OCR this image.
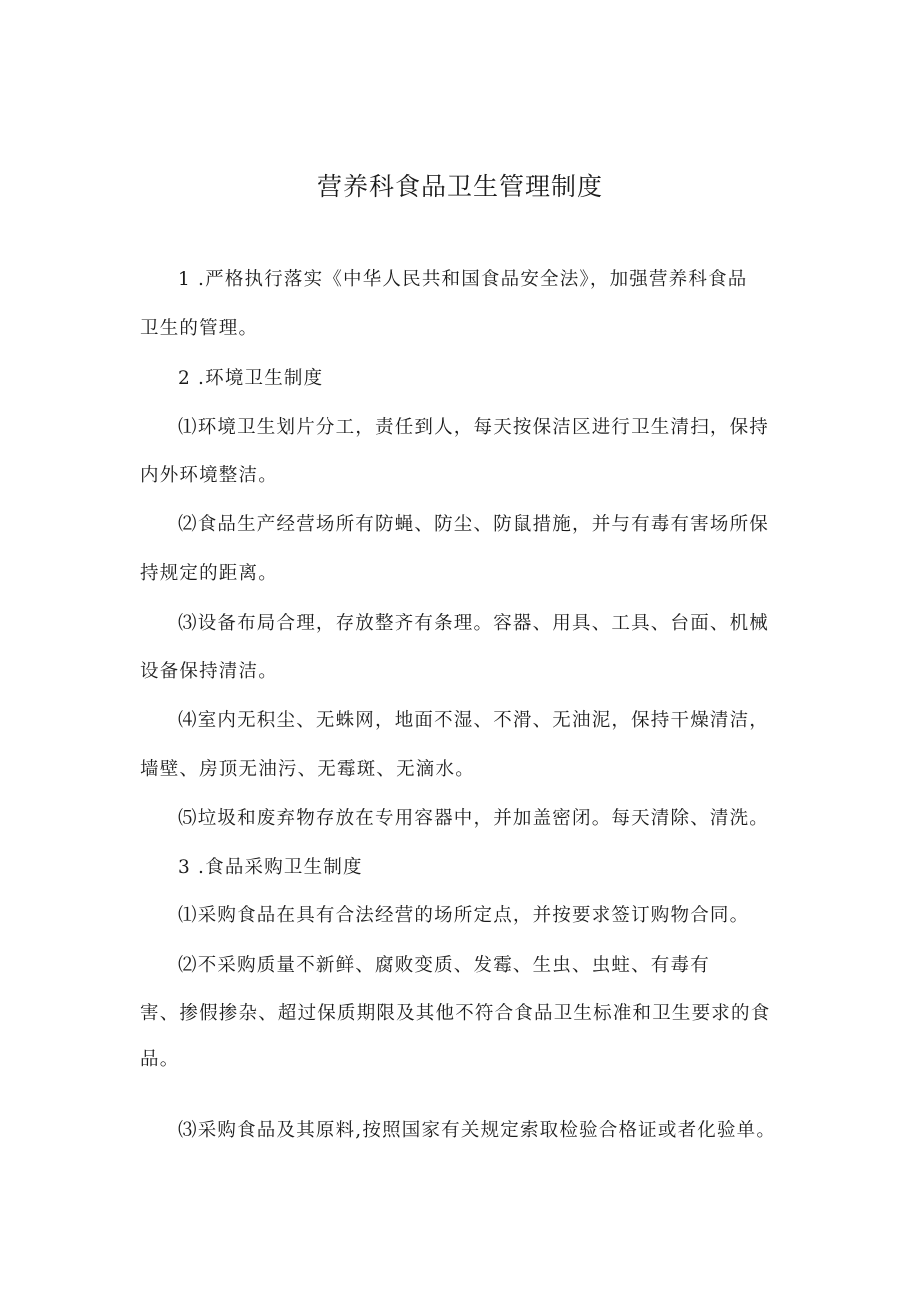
营养科食品卫生管理制度
1 .严格执行落实《中华人民共和国食品安全法》，加强营养科食品
卫生的管理。
2 .环境卫生制度
⑴环境卫生划片分工，责任到人，每天按保洁区进行卫生清扫，保持
内外环境整洁。
⑵食品生产经营场所有防蝇、防尘、防鼠措施，并与有毒有害场所保
持规定的距离。
⑶设备布局合理，存放整齐有条理。容器、用具、工具、台面、机械
设备保持清洁。
⑷室内无积尘、无蛛网，地面不湿、不滑、无油泥，保持干燥清洁，
墙壁、房顶无油污、无霉斑、无滴水。
⑸垃圾和废弃物存放在专用容器中，并加盖密闭。每天清除、清洗。
3 .食品采购卫生制度
⑴采购食品在具有合法经营的场所定点，并按要求签订购物合同。
⑵不采购质量不新鲜、腐败变质、发霉、生虫、虫蛀、有毒有
害、掺假掺杂、超过保质期限及其他不符合食品卫生标准和卫生要求的食
品。
⑶采购食品及其原料,按照国家有关规定索取检验合格证或者化验单。
